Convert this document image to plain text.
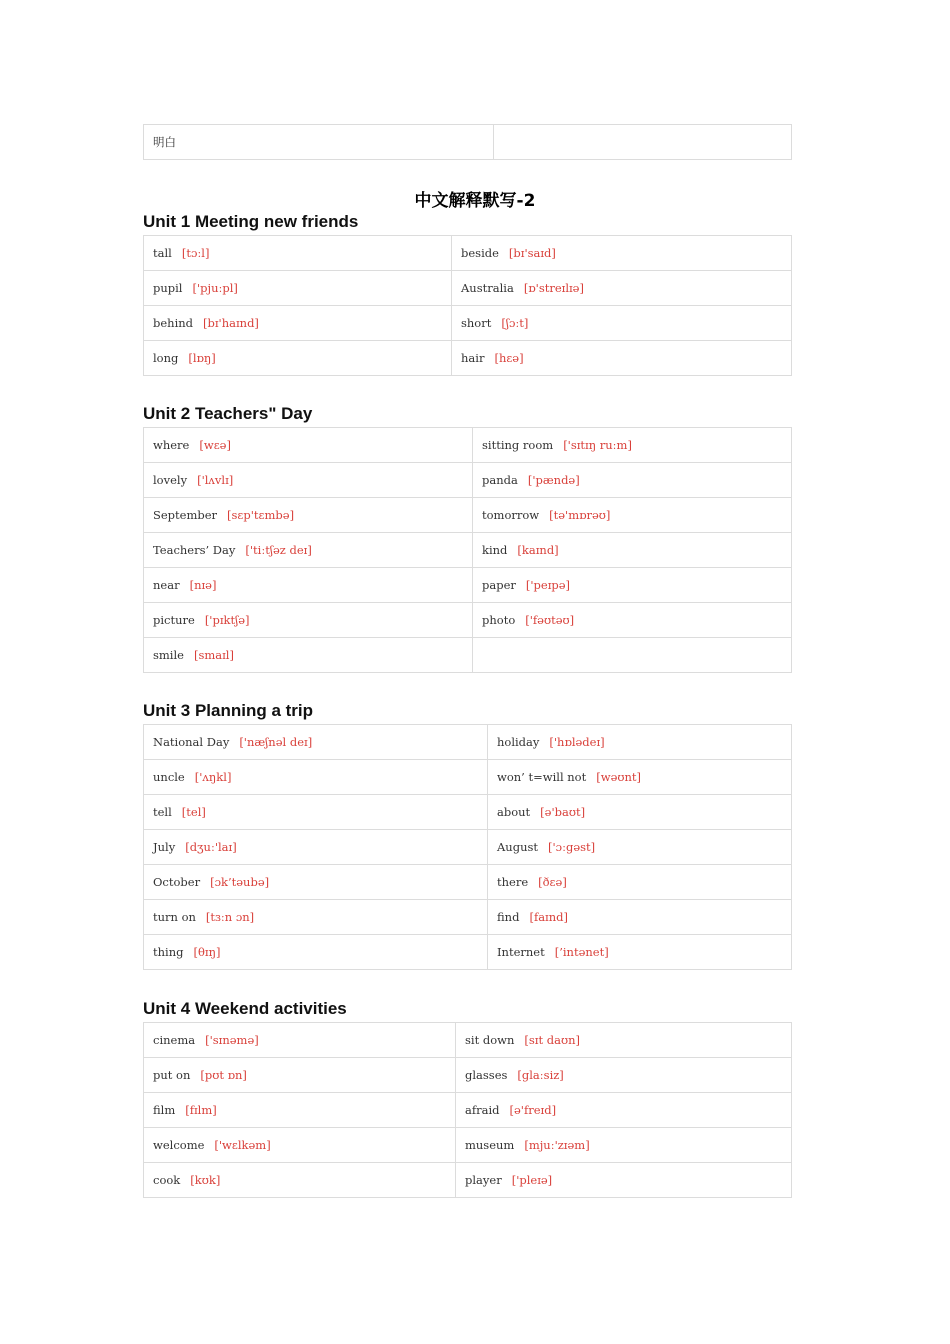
明白	
中文解释默写-2
Unit 1 Meeting new friends
tall [tɔːl]	beside [bɪ'saɪd]
pupil ['pjuːpl]	Australia [ɒ'streɪlɪə]
behind [bɪ'haɪnd]	short [ʃɔːt]
long [lɒŋ]	hair [hɛə]
Unit 2 Teachers" Day
where [wɛə]	sitting room ['sɪtɪŋ ruːm]
lovely ['lʌvlɪ]	panda ['pændə]
September [sɛp'tɛmbə]	tomorrow [tə'mɒrəʊ]
Teachers’ Day ['tiːtʃəz deɪ]	kind [kaɪnd]
near [nɪə]	paper ['peɪpə]
picture ['pɪktʃə]	photo ['fəʊtəʊ]
smile [smaɪl]	
Unit 3 Planning a trip
National Day ['næʃnəl deɪ]	holiday ['hɒlədeɪ]
uncle ['ʌŋkl]	won’ t=will not [wəʊnt]
tell [tel]	about [ə'baʊt]
July [dʒuː'laɪ]	August ['ɔːgəst]
October [ɔk’təubə]	there [ðɛə]
turn on [tɜːn ɔn]	find [faɪnd]
thing [θɪŋ]	Internet [’intənet]
Unit 4 Weekend activities
cinema ['sɪnəmə]	sit down [sɪt daʊn]
put on [pʊt ɒn]	glasses [glaːsiz]
film [fɪlm]	afraid [ə'freɪd]
welcome ['wɛlkəm]	museum [mjuː'zɪəm]
cook [kʊk]	player ['pleɪə]
